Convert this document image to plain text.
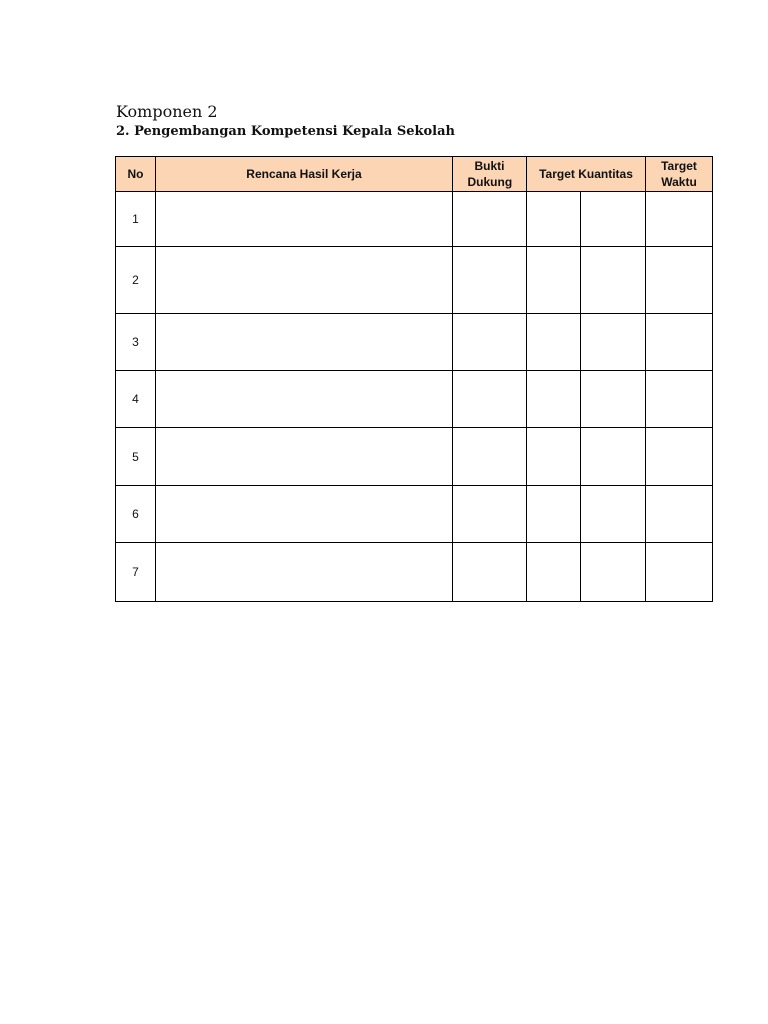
Komponen 2
2. Pengembangan Kompetensi Kepala Sekolah
No	Rencana Hasil Kerja	Bukti Dukung	Target Kuantitas		Target Waktu

1					
2					
3					
4					
5					
6					
7					
